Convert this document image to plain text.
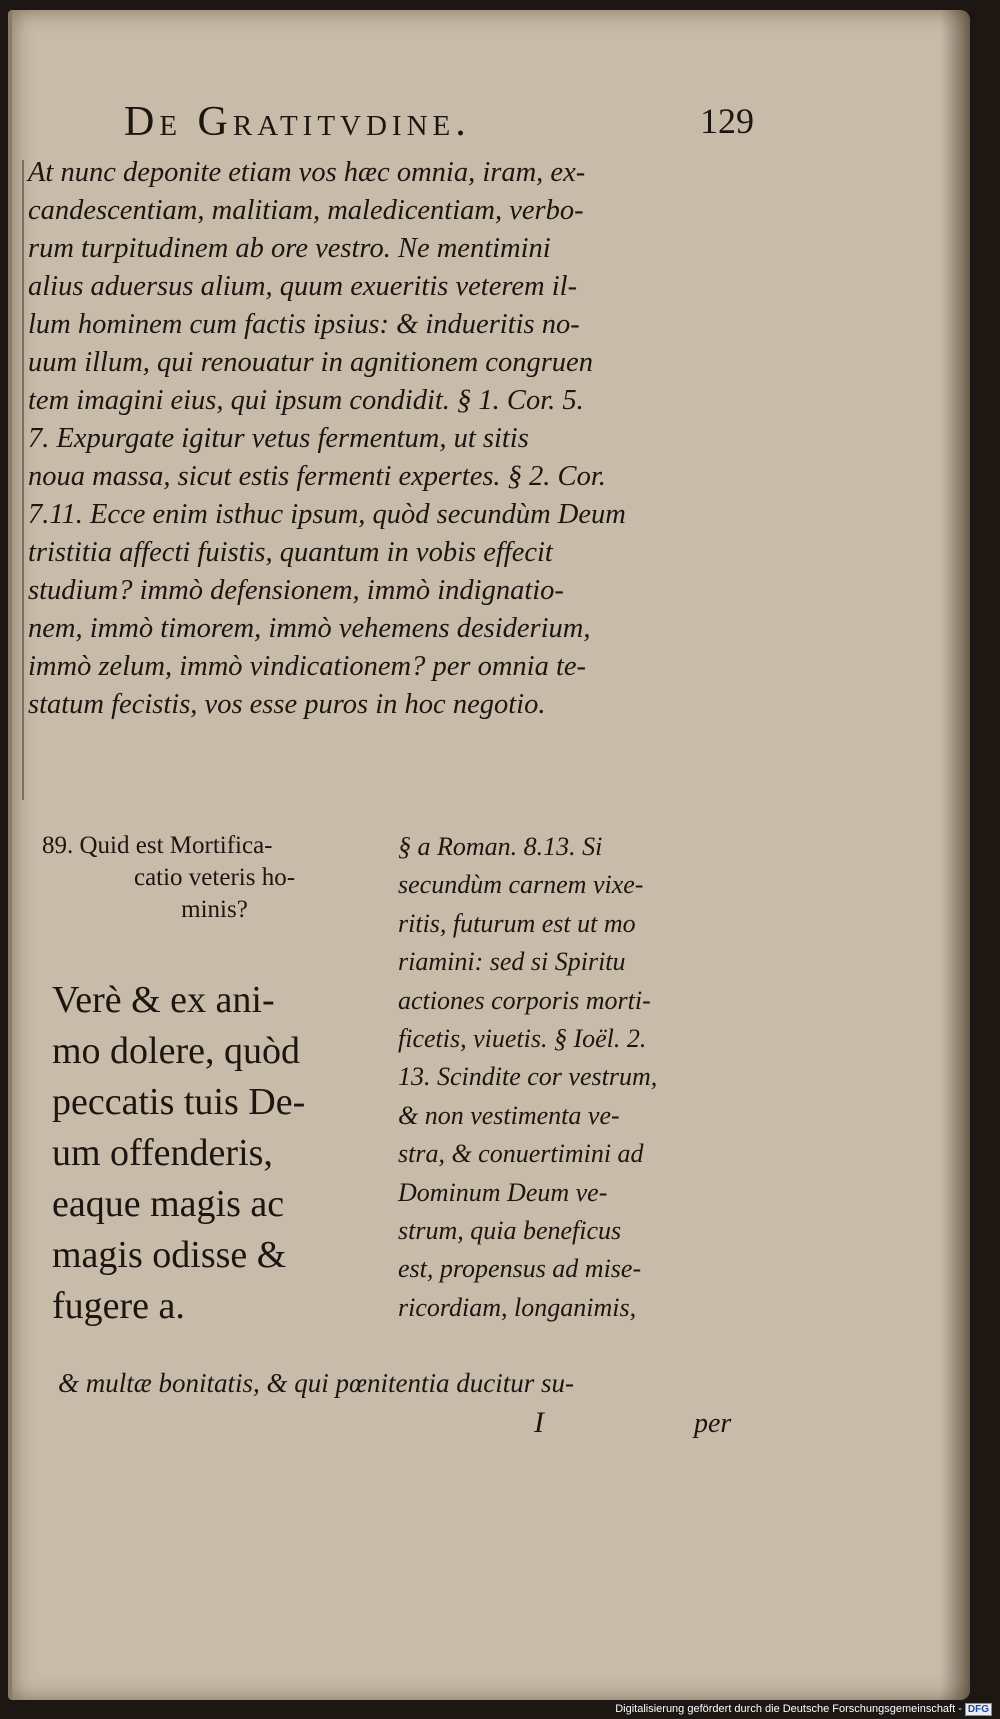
De Gratitvdine.	129
At nunc deponite etiam vos hæc omnia, iram, ex-
candescentiam, malitiam, maledicentiam, verbo-
rum turpitudinem ab ore vestro. Ne mentimini
alius aduersus alium, quum exueritis veterem il-
lum hominem cum factis ipsius: & indueritis no-
uum illum, qui renouatur in agnitionem congruen
tem imagini eius, qui ipsum condidit. § 1. Cor. 5.
7. Expurgate igitur vetus fermentum, ut sitis
noua massa, sicut estis fermenti expertes. § 2. Cor.
7.11. Ecce enim isthuc ipsum, quòd secundùm Deum
tristitia affecti fuistis, quantum in vobis effecit
studium? immò defensionem, immò indignatio-
nem, immò timorem, immò vehemens desiderium,
immò zelum, immò vindicationem? per omnia te-
statum fecistis, vos esse puros in hoc negotio.
89. Quid est Mortifica-
catio veteris ho-
minis?
Verè & ex ani-
mo dolere, quòd
peccatis tuis De-
um offenderis,
eaque magis ac
magis odisse &
fugere a.
§ a Roman. 8.13. Si
secundùm carnem vixe-
ritis, futurum est ut mo
riamini: sed si Spiritu
actiones corporis morti-
ficetis, viuetis. § Ioël. 2.
13. Scindite cor vestrum,
& non vestimenta ve-
stra, & conuertimini ad
Dominum Deum ve-
strum, quia beneficus
est, propensus ad mise-
ricordiam, longanimis,
& multæ bonitatis, & qui pœnitentia ducitur su-
I	per
Digitalisierung gefördert durch die Deutsche Forschungsgemeinschaft - DFG
